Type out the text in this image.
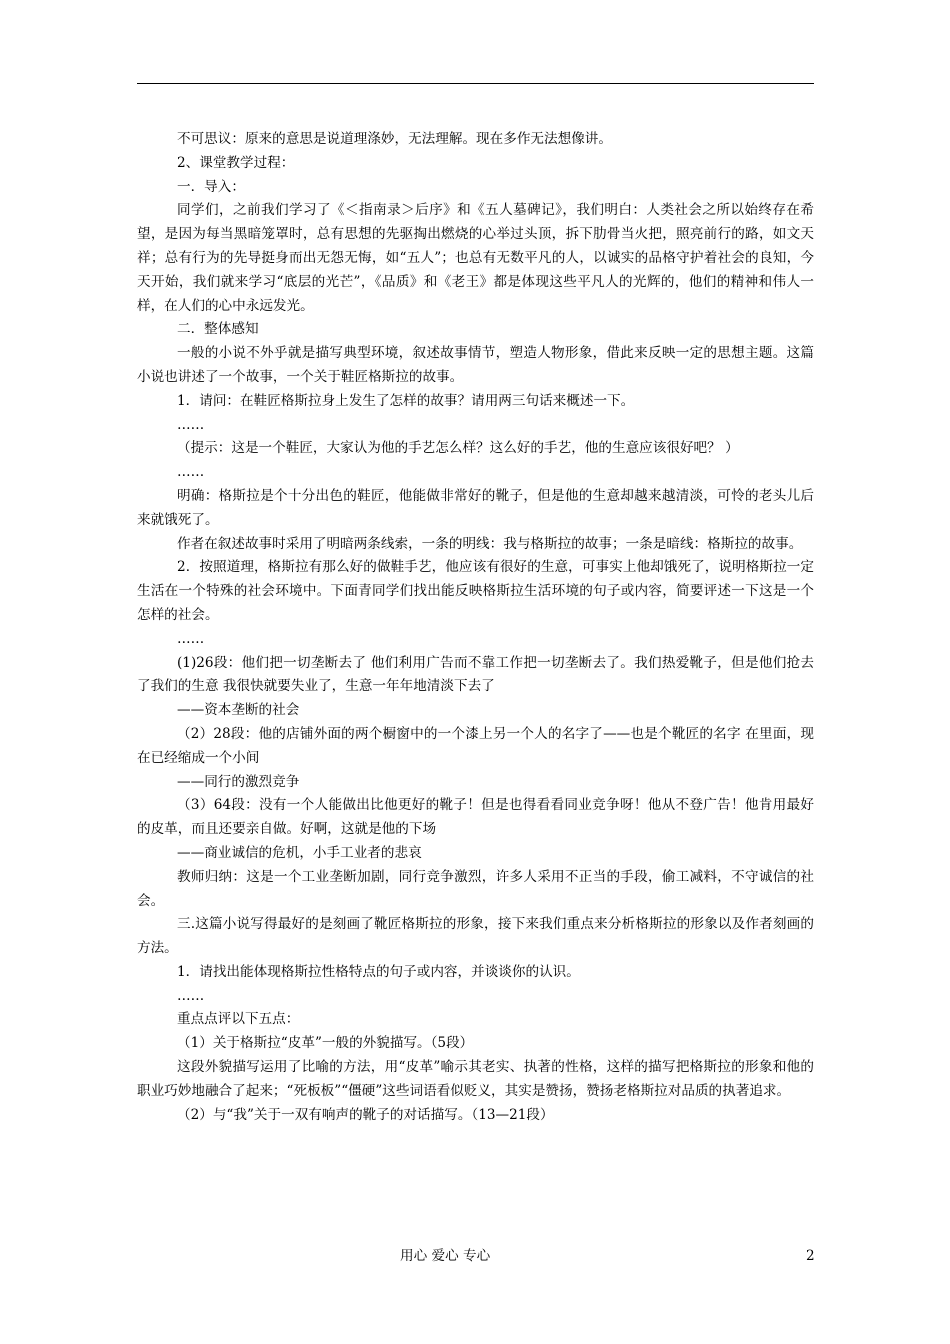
不可思议：原来的意思是说道理涤妙，无法理解。现在多作无法想像讲。

2、课堂教学过程：

一．导入：

同学们，之前我们学习了《＜指南录＞后序》和《五人墓碑记》，我们明白：人类社会之所以始终存在希望，是因为每当黑暗笼罩时，总有思想的先驱掏出燃烧的心举过头顶，拆下肋骨当火把，照亮前行的路，如文天祥；总有行为的先导挺身而出无怨无悔，如“五人”；也总有无数平凡的人，以诚实的品格守护着社会的良知，今天开始，我们就来学习“底层的光芒”，《品质》和《老王》都是体现这些平凡人的光辉的，他们的精神和伟人一样，在人们的心中永远发光。

二．整体感知

一般的小说不外乎就是描写典型环境，叙述故事情节，塑造人物形象，借此来反映一定的思想主题。这篇小说也讲述了一个故事，一个关于鞋匠格斯拉的故事。

1．请问：在鞋匠格斯拉身上发生了怎样的故事？请用两三句话来概述一下。

……

（提示：这是一个鞋匠，大家认为他的手艺怎么样？这么好的手艺，他的生意应该很好吧？ ）

……

明确：格斯拉是个十分出色的鞋匠，他能做非常好的靴子，但是他的生意却越来越清淡，可怜的老头儿后来就饿死了。

作者在叙述故事时采用了明暗两条线索，一条的明线：我与格斯拉的故事；一条是暗线：格斯拉的故事。

2．按照道理，格斯拉有那么好的做鞋手艺，他应该有很好的生意，可事实上他却饿死了，说明格斯拉一定生活在一个特殊的社会环境中。下面青同学们找出能反映格斯拉生活环境的句子或内容，简要评述一下这是一个怎样的社会。

……

(1)26段：他们把一切垄断去了 他们利用广告而不靠工作把一切垄断去了。我们热爱靴子，但是他们抢去了我们的生意 我很快就要失业了，生意一年年地清淡下去了

——资本垄断的社会

（2）28段：他的店铺外面的两个橱窗中的一个漆上另一个人的名字了——也是个靴匠的名字 在里面，现在已经缩成一个小间

——同行的激烈竞争

（3）64段：没有一个人能做出比他更好的靴子！但是也得看看同业竞争呀！他从不登广告！他肯用最好的皮革，而且还要亲自做。好啊，这就是他的下场

——商业诚信的危机，小手工业者的悲哀

教师归纳：这是一个工业垄断加剧，同行竞争激烈，许多人采用不正当的手段，偷工减料，不守诚信的社会。

三.这篇小说写得最好的是刻画了靴匠格斯拉的形象，接下来我们重点来分析格斯拉的形象以及作者刻画的方法。

1．请找出能体现格斯拉性格特点的句子或内容，并谈谈你的认识。

……

重点点评以下五点：

（1）关于格斯拉“皮革”一般的外貌描写。（5段）

这段外貌描写运用了比喻的方法，用“皮革”喻示其老实、执著的性格，这样的描写把格斯拉的形象和他的职业巧妙地融合了起来；“死板板”“僵硬”这些词语看似贬义，其实是赞扬，赞扬老格斯拉对品质的执著追求。

（2）与“我”关于一双有响声的靴子的对话描写。（13—21段）

用心 爱心 专心	2
